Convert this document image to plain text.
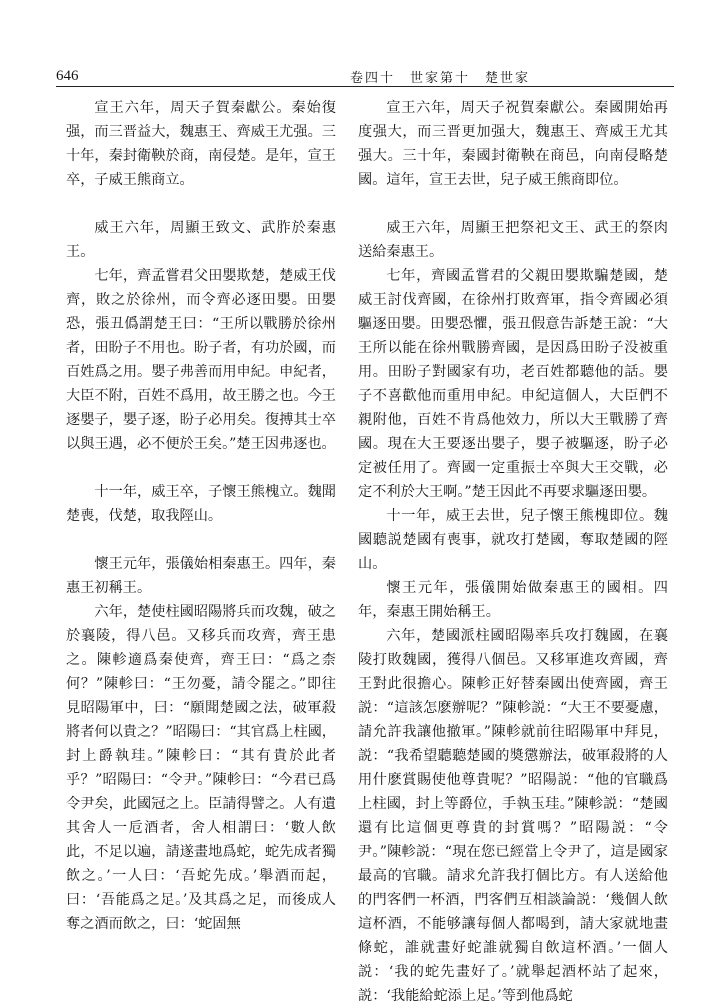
646	卷四十　世家第十　楚世家

宣王六年，周天子賀秦獻公。秦始復强，而三晋益大，魏惠王、齊威王尤强。三十年，秦封衛鞅於商，南侵楚。是年，宣王卒，子威王熊商立。

威王六年，周顯王致文、武胙於秦惠王。

七年，齊孟嘗君父田嬰欺楚，楚威王伐齊，敗之於徐州，而令齊必逐田嬰。田嬰恐，張丑僞謂楚王曰：“王所以戰勝於徐州者，田盼子不用也。盼子者，有功於國，而百姓爲之用。嬰子弗善而用申紀。申紀者，大臣不附，百姓不爲用，故王勝之也。今王逐嬰子，嬰子逐，盼子必用矣。復搏其士卒以與王遇，必不便於王矣。”楚王因弗逐也。

十一年，威王卒，子懷王熊槐立。魏聞楚喪，伐楚，取我陘山。

懷王元年，張儀始相秦惠王。四年，秦惠王初稱王。

六年，楚使柱國昭陽將兵而攻魏，破之於襄陵，得八邑。又移兵而攻齊，齊王患之。陳軫適爲秦使齊，齊王曰：“爲之柰何？”陳軫曰：“王勿憂，請令罷之。”即往見昭陽軍中，曰：“願聞楚國之法，破軍殺將者何以貴之？”昭陽曰：“其官爲上柱國，封上爵執珪。”陳軫曰：“其有貴於此者乎？”昭陽曰：“令尹。”陳軫曰：“今君已爲令尹矣，此國冠之上。臣請得譬之。人有遺其舍人一卮酒者，舍人相謂曰：‘數人飲此，不足以遍，請遂畫地爲蛇，蛇先成者獨飲之。’一人曰：‘吾蛇先成。’舉酒而起，曰：‘吾能爲之足。’及其爲之足，而後成人奪之酒而飲之，曰：‘蛇固無

宣王六年，周天子祝賀秦獻公。秦國開始再度强大，而三晋更加强大，魏惠王、齊威王尤其强大。三十年，秦國封衛鞅在商邑，向南侵略楚國。這年，宣王去世，兒子威王熊商即位。

威王六年，周顯王把祭祀文王、武王的祭肉送給秦惠王。

七年，齊國孟嘗君的父親田嬰欺騙楚國，楚威王討伐齊國，在徐州打敗齊軍，指令齊國必須驅逐田嬰。田嬰恐懼，張丑假意告訴楚王說：“大王所以能在徐州戰勝齊國，是因爲田盼子没被重用。田盼子對國家有功，老百姓都聽他的話。嬰子不喜歡他而重用申紀。申紀這個人，大臣們不親附他，百姓不肯爲他效力，所以大王戰勝了齊國。現在大王要逐出嬰子，嬰子被驅逐，盼子必定被任用了。齊國一定重振士卒與大王交戰，必定不利於大王啊。”楚王因此不再要求驅逐田嬰。

十一年，威王去世，兒子懷王熊槐即位。魏國聽説楚國有喪事，就攻打楚國，奪取楚國的陘山。

懷王元年，張儀開始做秦惠王的國相。四年，秦惠王開始稱王。

六年，楚國派柱國昭陽率兵攻打魏國，在襄陵打敗魏國，獲得八個邑。又移軍進攻齊國，齊王對此很擔心。陳軫正好替秦國出使齊國，齊王説：“這該怎麽辦呢？”陳軫説：“大王不要憂慮，請允許我讓他撤軍。”陳軫就前往昭陽軍中拜見，説：“我希望聽聽楚國的奬懲辦法，破軍殺將的人用什麽賞賜使他尊貴呢？”昭陽説：“他的官職爲上柱國，封上等爵位，手執玉珪。”陳軫説：“楚國還有比這個更尊貴的封賞嗎？”昭陽説：“令尹。”陳軫説：“現在您已經當上令尹了，這是國家最高的官職。請求允許我打個比方。有人送給他的門客們一杯酒，門客們互相談論説：‘幾個人飲這杯酒，不能够讓每個人都喝到，請大家就地畫條蛇，誰就畫好蛇誰就獨自飲這杯酒。’一個人説：‘我的蛇先畫好了。’就舉起酒杯站了起來，説：‘我能給蛇添上足。’等到他爲蛇
